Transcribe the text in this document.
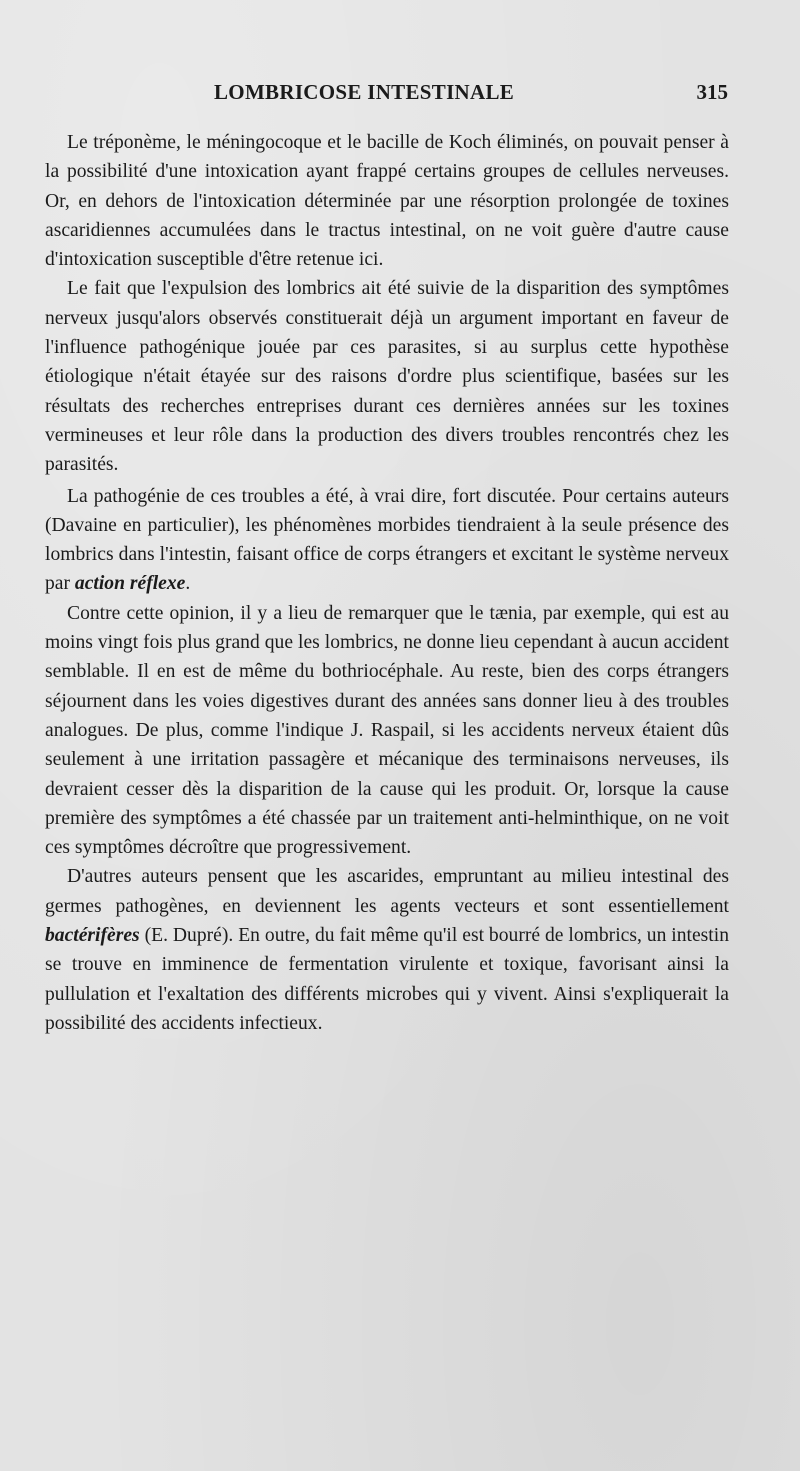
LOMBRICOSE INTESTINALE	315

Le tréponème, le méningocoque et le bacille de Koch éliminés, on pouvait penser à la possibilité d'une intoxication ayant frappé certains groupes de cellules nerveuses. Or, en dehors de l'intoxication déterminée par une résorption prolongée de toxines ascaridiennes accumulées dans le tractus intestinal, on ne voit guère d'autre cause d'intoxication susceptible d'être retenue ici.

Le fait que l'expulsion des lombrics ait été suivie de la disparition des symptômes nerveux jusqu'alors observés constituerait déjà un argument important en faveur de l'influence pathogénique jouée par ces parasites, si au surplus cette hypothèse étiologique n'était étayée sur des raisons d'ordre plus scientifique, basées sur les résultats des recherches entreprises durant ces dernières années sur les toxines vermineuses et leur rôle dans la production des divers troubles rencontrés chez les parasités.

La pathogénie de ces troubles a été, à vrai dire, fort discutée. Pour certains auteurs (Davaine en particulier), les phénomènes morbides tiendraient à la seule présence des lombrics dans l'intestin, faisant office de corps étrangers et excitant le système nerveux par action réflexe.

Contre cette opinion, il y a lieu de remarquer que le tænia, par exemple, qui est au moins vingt fois plus grand que les lombrics, ne donne lieu cependant à aucun accident semblable. Il en est de même du bothriocéphale. Au reste, bien des corps étrangers séjournent dans les voies digestives durant des années sans donner lieu à des troubles analogues. De plus, comme l'indique J. Raspail, si les accidents nerveux étaient dûs seulement à une irritation passagère et mécanique des terminaisons nerveuses, ils devraient cesser dès la disparition de la cause qui les produit. Or, lorsque la cause première des symptômes a été chassée par un traitement anti-helminthique, on ne voit ces symptômes décroître que progressivement.

D'autres auteurs pensent que les ascarides, empruntant au milieu intestinal des germes pathogènes, en deviennent les agents vecteurs et sont essentiellement bactérifères (E. Dupré). En outre, du fait même qu'il est bourré de lombrics, un intestin se trouve en imminence de fermentation virulente et toxique, favorisant ainsi la pullulation et l'exaltation des différents microbes qui y vivent. Ainsi s'expliquerait la possibilité des accidents infectieux.
